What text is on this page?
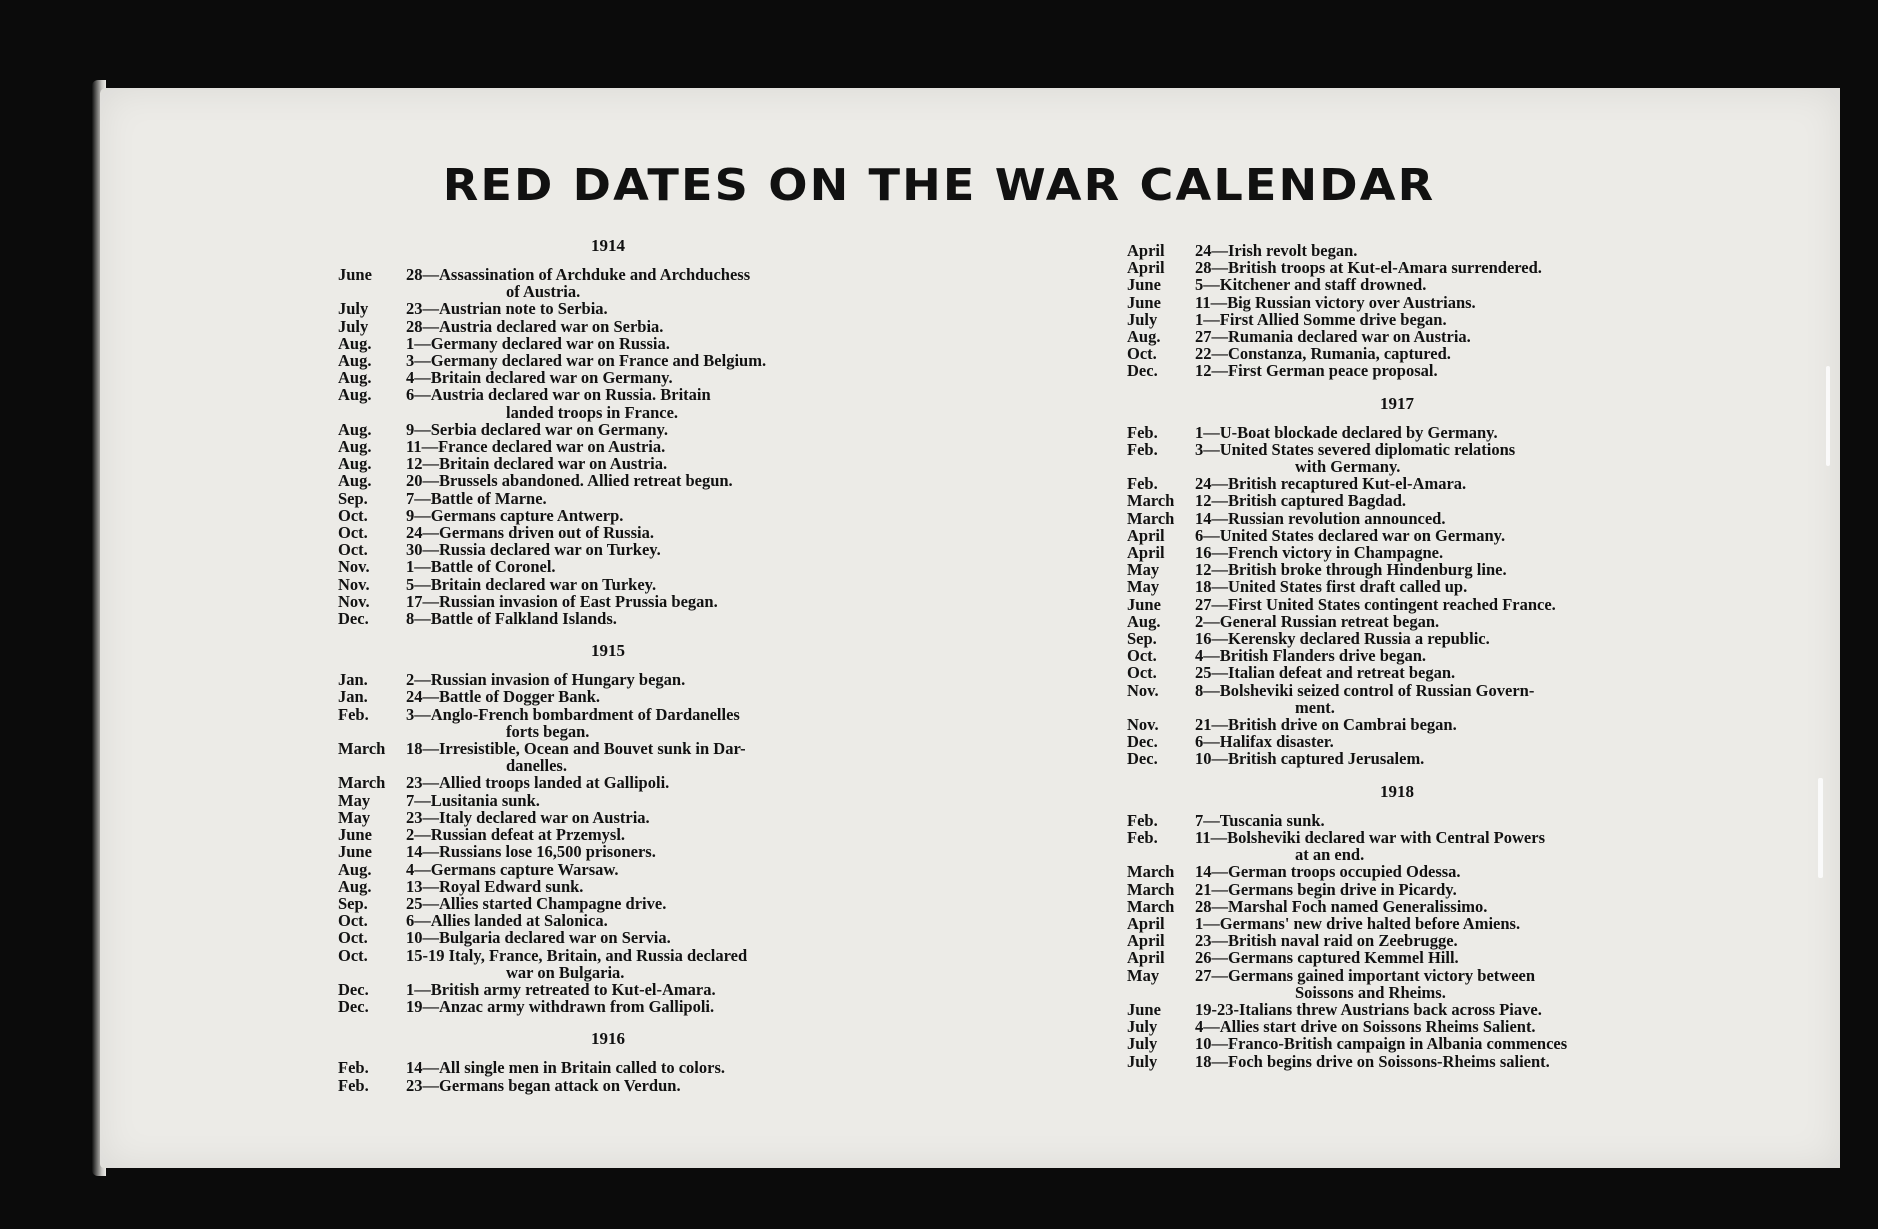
RED DATES ON THE WAR CALENDAR
1914
June	28—Assassination of Archduke and Archduchess
of Austria.
July	23—Austrian note to Serbia.
July	28—Austria declared war on Serbia.
Aug.	1—Germany declared war on Russia.
Aug.	3—Germany declared war on France and Belgium.
Aug.	4—Britain declared war on Germany.
Aug.	6—Austria declared war on Russia. Britain
landed troops in France.
Aug.	9—Serbia declared war on Germany.
Aug.	11—France declared war on Austria.
Aug.	12—Britain declared war on Austria.
Aug.	20—Brussels abandoned. Allied retreat begun.
Sep.	7—Battle of Marne.
Oct.	9—Germans capture Antwerp.
Oct.	24—Germans driven out of Russia.
Oct.	30—Russia declared war on Turkey.
Nov.	1—Battle of Coronel.
Nov.	5—Britain declared war on Turkey.
Nov.	17—Russian invasion of East Prussia began.
Dec.	8—Battle of Falkland Islands.
1915
Jan.	2—Russian invasion of Hungary began.
Jan.	24—Battle of Dogger Bank.
Feb.	3—Anglo-French bombardment of Dardanelles
forts began.
March	18—Irresistible, Ocean and Bouvet sunk in Dar-
danelles.
March	23—Allied troops landed at Gallipoli.
May	7—Lusitania sunk.
May	23—Italy declared war on Austria.
June	2—Russian defeat at Przemysl.
June	14—Russians lose 16,500 prisoners.
Aug.	4—Germans capture Warsaw.
Aug.	13—Royal Edward sunk.
Sep.	25—Allies started Champagne drive.
Oct.	6—Allies landed at Salonica.
Oct.	10—Bulgaria declared war on Servia.
Oct.	15-19 Italy, France, Britain, and Russia declared
war on Bulgaria.
Dec.	1—British army retreated to Kut-el-Amara.
Dec.	19—Anzac army withdrawn from Gallipoli.
1916
Feb.	14—All single men in Britain called to colors.
Feb.	23—Germans began attack on Verdun.
April	24—Irish revolt began.
April	28—British troops at Kut-el-Amara surrendered.
June	5—Kitchener and staff drowned.
June	11—Big Russian victory over Austrians.
July	1—First Allied Somme drive began.
Aug.	27—Rumania declared war on Austria.
Oct.	22—Constanza, Rumania, captured.
Dec.	12—First German peace proposal.
1917
Feb.	1—U-Boat blockade declared by Germany.
Feb.	3—United States severed diplomatic relations
with Germany.
Feb.	24—British recaptured Kut-el-Amara.
March	12—British captured Bagdad.
March	14—Russian revolution announced.
April	6—United States declared war on Germany.
April	16—French victory in Champagne.
May	12—British broke through Hindenburg line.
May	18—United States first draft called up.
June	27—First United States contingent reached France.
Aug.	2—General Russian retreat began.
Sep.	16—Kerensky declared Russia a republic.
Oct.	4—British Flanders drive began.
Oct.	25—Italian defeat and retreat began.
Nov.	8—Bolsheviki seized control of Russian Govern-
ment.
Nov.	21—British drive on Cambrai began.
Dec.	6—Halifax disaster.
Dec.	10—British captured Jerusalem.
1918
Feb.	7—Tuscania sunk.
Feb.	11—Bolsheviki declared war with Central Powers
at an end.
March	14—German troops occupied Odessa.
March	21—Germans begin drive in Picardy.
March	28—Marshal Foch named Generalissimo.
April	1—Germans' new drive halted before Amiens.
April	23—British naval raid on Zeebrugge.
April	26—Germans captured Kemmel Hill.
May	27—Germans gained important victory between
Soissons and Rheims.
June	19-23-Italians threw Austrians back across Piave.
July	4—Allies start drive on Soissons Rheims Salient.
July	10—Franco-British campaign in Albania commences
July	18—Foch begins drive on Soissons-Rheims salient.
